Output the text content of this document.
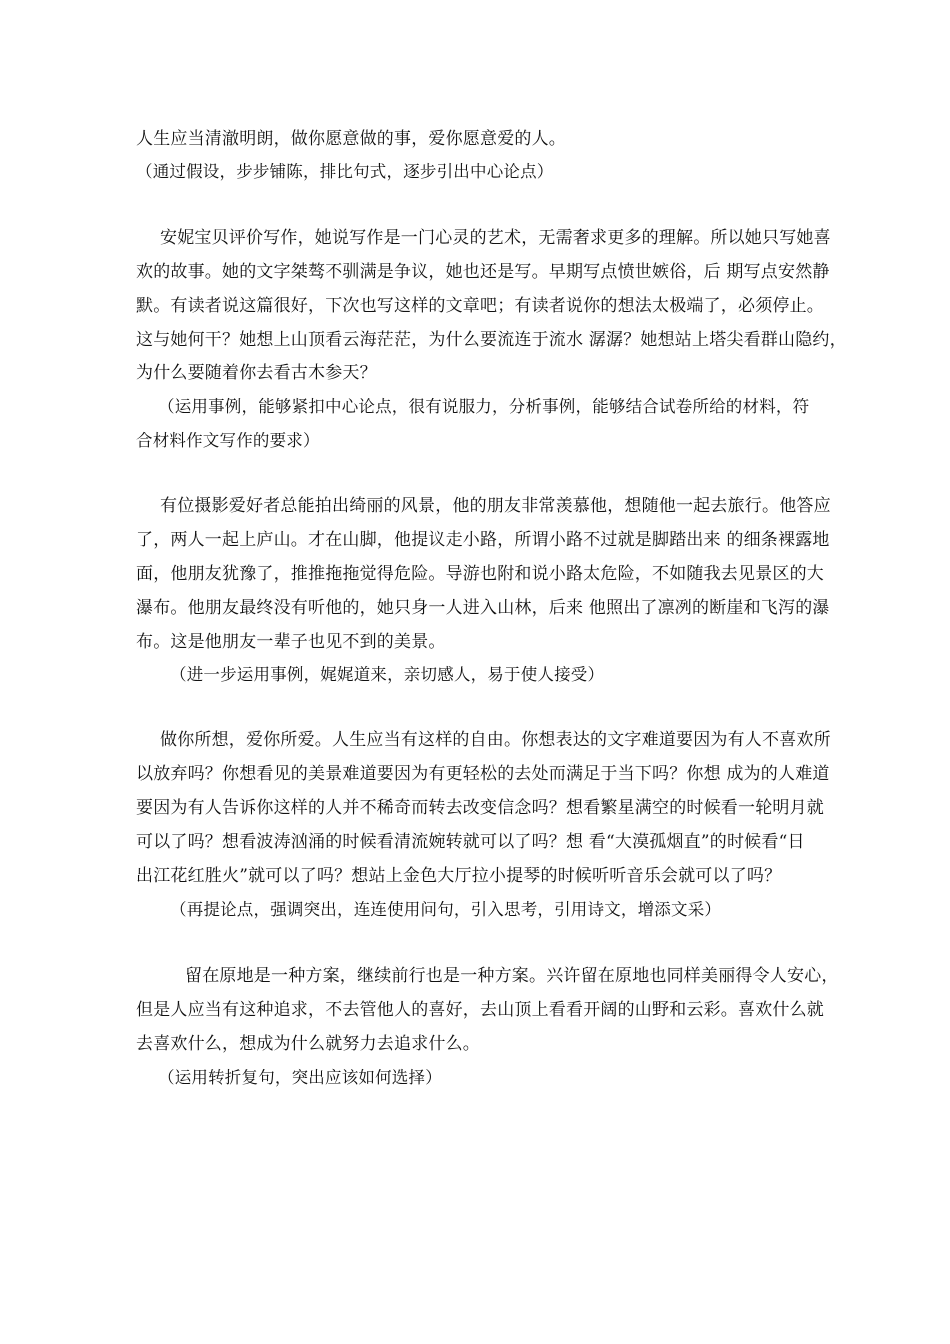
人生应当清澈明朗，做你愿意做的事，爱你愿意爱的人。
（通过假设，步步铺陈，排比句式，逐步引出中心论点）
安妮宝贝评价写作，她说写作是一门心灵的艺术，无需奢求更多的理解。所以她只写她喜
欢的故事。她的文字桀骜不驯满是争议，她也还是写。早期写点愤世嫉俗，后 期写点安然静
默。有读者说这篇很好，下次也写这样的文章吧；有读者说你的想法太极端了，必须停止。
这与她何干？她想上山顶看云海茫茫，为什么要流连于流水 潺潺？她想站上塔尖看群山隐约，
为什么要随着你去看古木参天？
（运用事例，能够紧扣中心论点，很有说服力，分析事例，能够结合试卷所给的材料，符
合材料作文写作的要求）
有位摄影爱好者总能拍出绮丽的风景，他的朋友非常羡慕他，想随他一起去旅行。他答应
了，两人一起上庐山。才在山脚，他提议走小路，所谓小路不过就是脚踏出来 的细条裸露地
面，他朋友犹豫了，推推拖拖觉得危险。导游也附和说小路太危险，不如随我去见景区的大
瀑布。他朋友最终没有听他的，她只身一人进入山林，后来 他照出了凛冽的断崖和飞泻的瀑
布。这是他朋友一辈子也见不到的美景。
（进一步运用事例，娓娓道来，亲切感人，易于使人接受）
做你所想，爱你所爱。人生应当有这样的自由。你想表达的文字难道要因为有人不喜欢所
以放弃吗？你想看见的美景难道要因为有更轻松的去处而满足于当下吗？你想 成为的人难道
要因为有人告诉你这样的人并不稀奇而转去改变信念吗？想看繁星满空的时候看一轮明月就
可以了吗？想看波涛汹涌的时候看清流婉转就可以了吗？想 看“大漠孤烟直”的时候看“日
出江花红胜火”就可以了吗？想站上金色大厅拉小提琴的时候听听音乐会就可以了吗？
（再提论点，强调突出，连连使用问句，引入思考，引用诗文，增添文采）
留在原地是一种方案，继续前行也是一种方案。兴许留在原地也同样美丽得令人安心，
但是人应当有这种追求，不去管他人的喜好，去山顶上看看开阔的山野和云彩。喜欢什么就
去喜欢什么，想成为什么就努力去追求什么。
（运用转折复句，突出应该如何选择）
